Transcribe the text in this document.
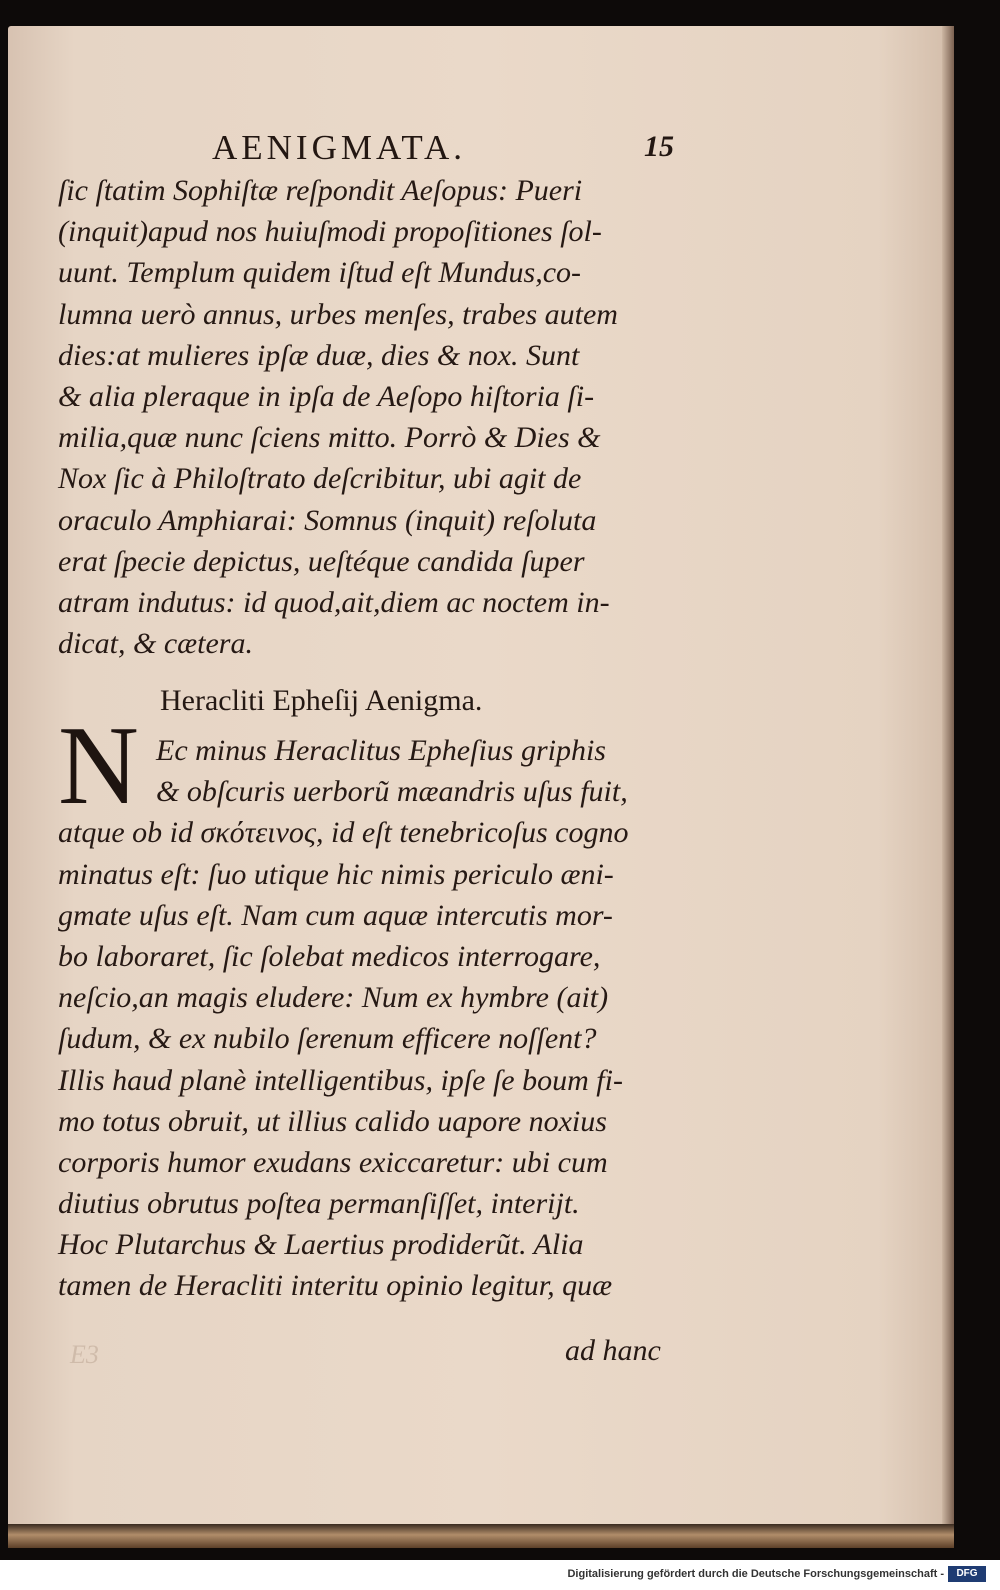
AENIGMATA.	15
ſic ſtatim Sophiſtæ reſpondit Aeſopus: Pueri
(inquit)apud nos huiuſmodi propoſitiones ſol-
uunt. Templum quidem iſtud eſt Mundus,co-
lumna uerò annus, urbes menſes, trabes autem
dies:at mulieres ipſæ duæ, dies & nox. Sunt
& alia pleraque in ipſa de Aeſopo hiſtoria ſi-
milia,quæ nunc ſciens mitto. Porrò & Dies &
Nox ſic à Philoſtrato deſcribitur, ubi agit de
oraculo Amphiarai: Somnus (inquit) reſoluta
erat ſpecie depictus, ueſtéque candida ſuper
atram indutus: id quod,ait,diem ac noctem in-
dicat, & cætera.
Heracliti Epheſij Aenigma.
N Ec minus Heraclitus Epheſius griphis
& obſcuris uerborũ mæandris uſus fuit,
atque ob id σκότεινος, id eſt tenebricoſus cogno
minatus eſt: ſuo utique hic nimis periculo æni-
gmate uſus eſt. Nam cum aquæ intercutis mor-
bo laboraret, ſic ſolebat medicos interrogare,
neſcio,an magis eludere: Num ex hymbre (ait)
ſudum, & ex nubilo ſerenum efficere noſſent?
Illis haud planè intelligentibus, ipſe ſe boum fi-
mo totus obruit, ut illius calido uapore noxius
corporis humor exudans exiccaretur: ubi cum
diutius obrutus poſtea permanſiſſet, interijt.
Hoc Plutarchus & Laertius prodiderũt. Alia
tamen de Heracliti interitu opinio legitur, quæ
E3	ad hanc
Digitalisierung gefördert durch die Deutsche Forschungsgemeinschaft -	DFG
